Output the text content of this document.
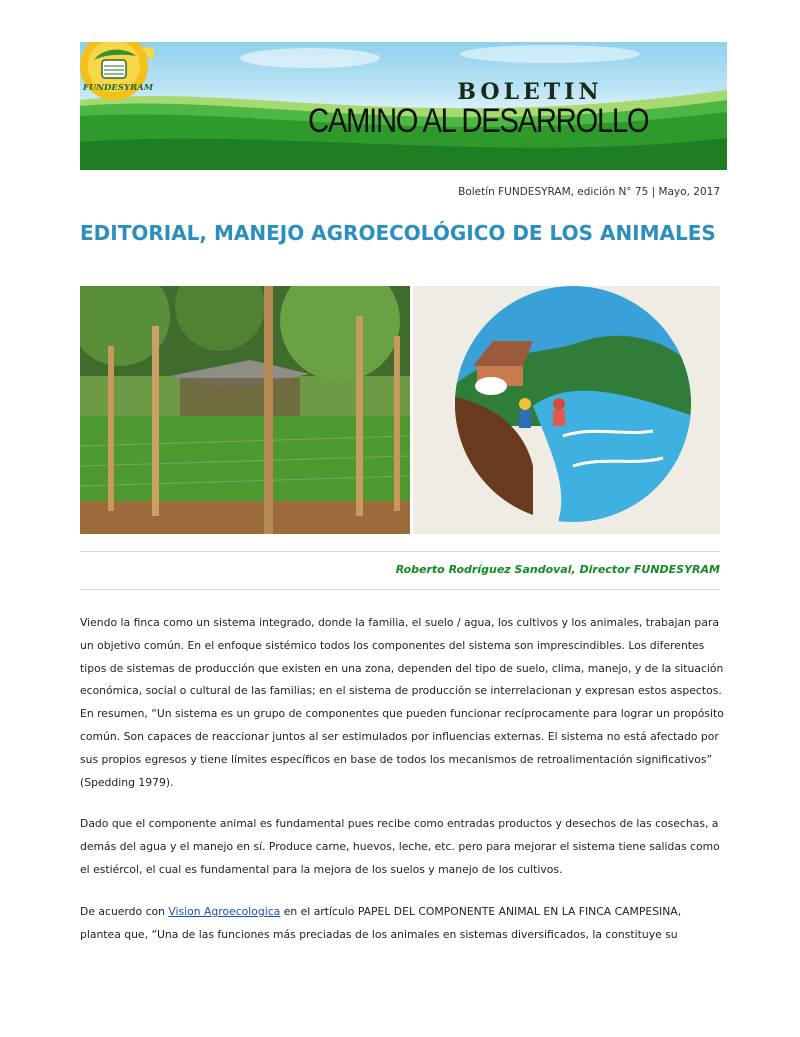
FUNDESYRAM	BOLETIN
CAMINO AL DESARROLLO
Boletín FUNDESYRAM, edición N° 75 | Mayo, 2017
EDITORIAL, MANEJO AGROECOLÓGICO DE LOS ANIMALES
Roberto Rodríguez Sandoval, Director FUNDESYRAM

Viendo la finca como un sistema integrado, donde la familia, el suelo / agua, los cultivos y los animales, trabajan para un objetivo común. En el enfoque sistémico todos los componentes del sistema son imprescindibles. Los diferentes tipos de sistemas de producción que existen en una zona, dependen del tipo de suelo, clima, manejo, y de la situación económica, social o cultural de las familias; en el sistema de producción se interrelacionan y expresan estos aspectos. En resumen, “Un sistema es un grupo de componentes que pueden funcionar recíprocamente para lograr un propósito común. Son capaces de reaccionar juntos al ser estimulados por influencias externas. El sistema no está afectado por sus propios egresos y tiene límites específicos en base de todos los mecanismos de retroalimentación significativos” (Spedding 1979).

Dado que el componente animal es fundamental pues recibe como entradas productos y desechos de las cosechas, a demás del agua y el manejo en sí. Produce carne, huevos, leche, etc. pero para mejorar el sistema tiene salidas como el estiércol, el cual es fundamental para la mejora de los suelos y manejo de los cultivos.

De acuerdo con Vision Agroecologica en el artículo PAPEL DEL COMPONENTE ANIMAL EN LA FINCA CAMPESINA, plantea que, “Una de las funciones más preciadas de los animales en sistemas diversificados, la constituye su
